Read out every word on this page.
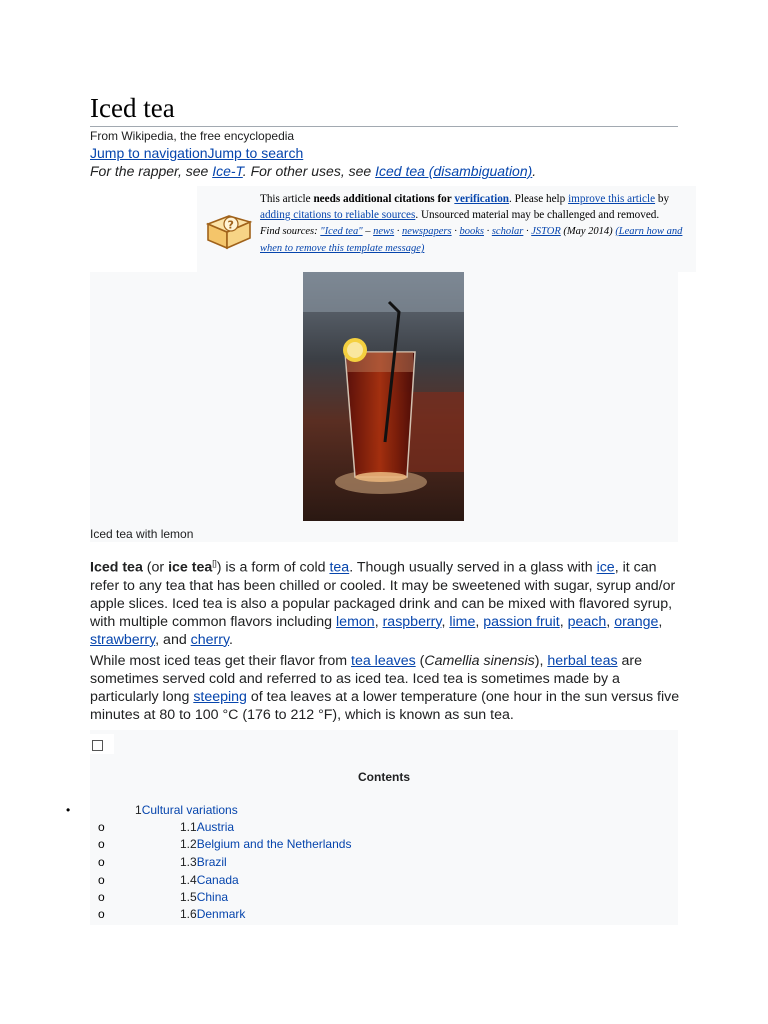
Iced tea
From Wikipedia, the free encyclopedia
Jump to navigationJump to search
For the rapper, see Ice-T. For other uses, see Iced tea (disambiguation).
?
This article needs additional citations for verification. Please help improve this article by adding citations to reliable sources. Unsourced material may be challenged and removed.
Find sources: "Iced tea" – news · newspapers · books · scholar · JSTOR (May 2014) (Learn how and when to remove this template message)
Iced tea with lemon

Iced tea (or ice tea[]) is a form of cold tea. Though usually served in a glass with ice, it can refer to any tea that has been chilled or cooled. It may be sweetened with sugar, syrup and/or apple slices. Iced tea is also a popular packaged drink and can be mixed with flavored syrup, with multiple common flavors including lemon, raspberry, lime, passion fruit, peach, orange, strawberry, and cherry.

While most iced teas get their flavor from tea leaves (Camellia sinensis), herbal teas are sometimes served cold and referred to as iced tea. Iced tea is sometimes made by a particularly long steeping of tea leaves at a lower temperature (one hour in the sun versus five minutes at 80 to 100 °C (176 to 212 °F), which is known as sun tea.

Contents
•	1Cultural variations
o	1.1Austria
o	1.2Belgium and the Netherlands
o	1.3Brazil
o	1.4Canada
o	1.5China
o	1.6Denmark
